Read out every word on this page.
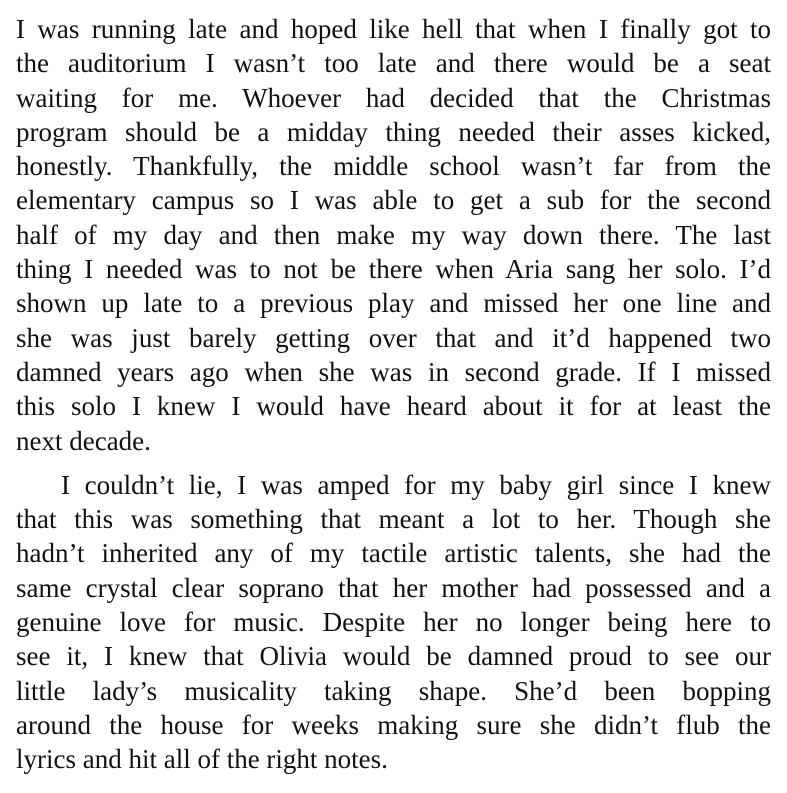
I was running late and hoped like hell that when I finally got to
the auditorium I wasn’t too late and there would be a seat
waiting for me. Whoever had decided that the Christmas
program should be a midday thing needed their asses kicked,
honestly. Thankfully, the middle school wasn’t far from the
elementary campus so I was able to get a sub for the second
half of my day and then make my way down there. The last
thing I needed was to not be there when Aria sang her solo. I’d
shown up late to a previous play and missed her one line and
she was just barely getting over that and it’d happened two
damned years ago when she was in second grade. If I missed
this solo I knew I would have heard about it for at least the
next decade.
I couldn’t lie, I was amped for my baby girl since I knew
that this was something that meant a lot to her. Though she
hadn’t inherited any of my tactile artistic talents, she had the
same crystal clear soprano that her mother had possessed and a
genuine love for music. Despite her no longer being here to
see it, I knew that Olivia would be damned proud to see our
little lady’s musicality taking shape. She’d been bopping
around the house for weeks making sure she didn’t flub the
lyrics and hit all of the right notes.
